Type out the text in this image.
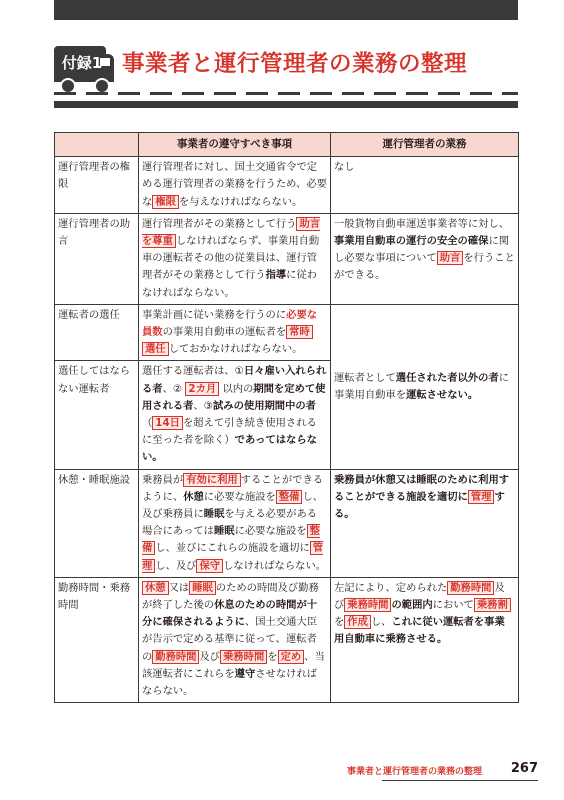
付録1 事業者と運行管理者の業務の整理
	事業者の遵守すべき事項	運行管理者の業務
運行管理者の権限	運行管理者に対し、国土交通省令で定める運行管理者の業務を行うため、必要な 権限 を与えなければならない。	なし
運行管理者の助言	運行管理者がその業務として行う 助言を尊重 しなければならず、事業用自動車の運転者その他の従業員は、運行管理者がその業務として行う指導に従わなければならない。	一般貨物自動車運送事業者等に対し、事業用自動車の運行の安全の確保に関し必要な事項について 助言 を行うことができる。
運転者の選任	事業計画に従い業務を行うのに必要な員数の事業用自動車の運転者を 常時 選任 しておかなければならない。	運転者として選任された者以外の者に事業用自動車を運転させない。
選任してはならない運転者	選任する運転者は、①日々雇い入れられる者、② 2カ月 以内の期間を定めて使用される者、③試みの使用期間中の者（ 14日 を超えて引き続き使用されるに至った者を除く）であってはならない。	
休憩・睡眠施設	乗務員が 有効に利用 することができるように、休憩に必要な施設を 整備 し、及び乗務員に睡眠を与える必要がある場合にあっては睡眠に必要な施設を 整備 し、並びにこれらの施設を適切に 管理 し、及び 保守 しなければならない。	乗務員が休憩又は睡眠のために利用することができる施設を適切に 管理 する。
勤務時間・乗務時間	休憩 又は 睡眠 のための時間及び勤務が終了した後の休息のための時間が十分に確保されるように、国土交通大臣が告示で定める基準に従って、運転者の 勤務時間 及び 乗務時間 を 定め 、当該運転者にこれらを遵守させなければならない。	左記により、定められた 勤務時間 及び 乗務時間 の範囲内において 乗務割を 作成 し、これに従い運転者を事業用自動車に乗務させる。
事業者と運行管理者の業務の整理 267
